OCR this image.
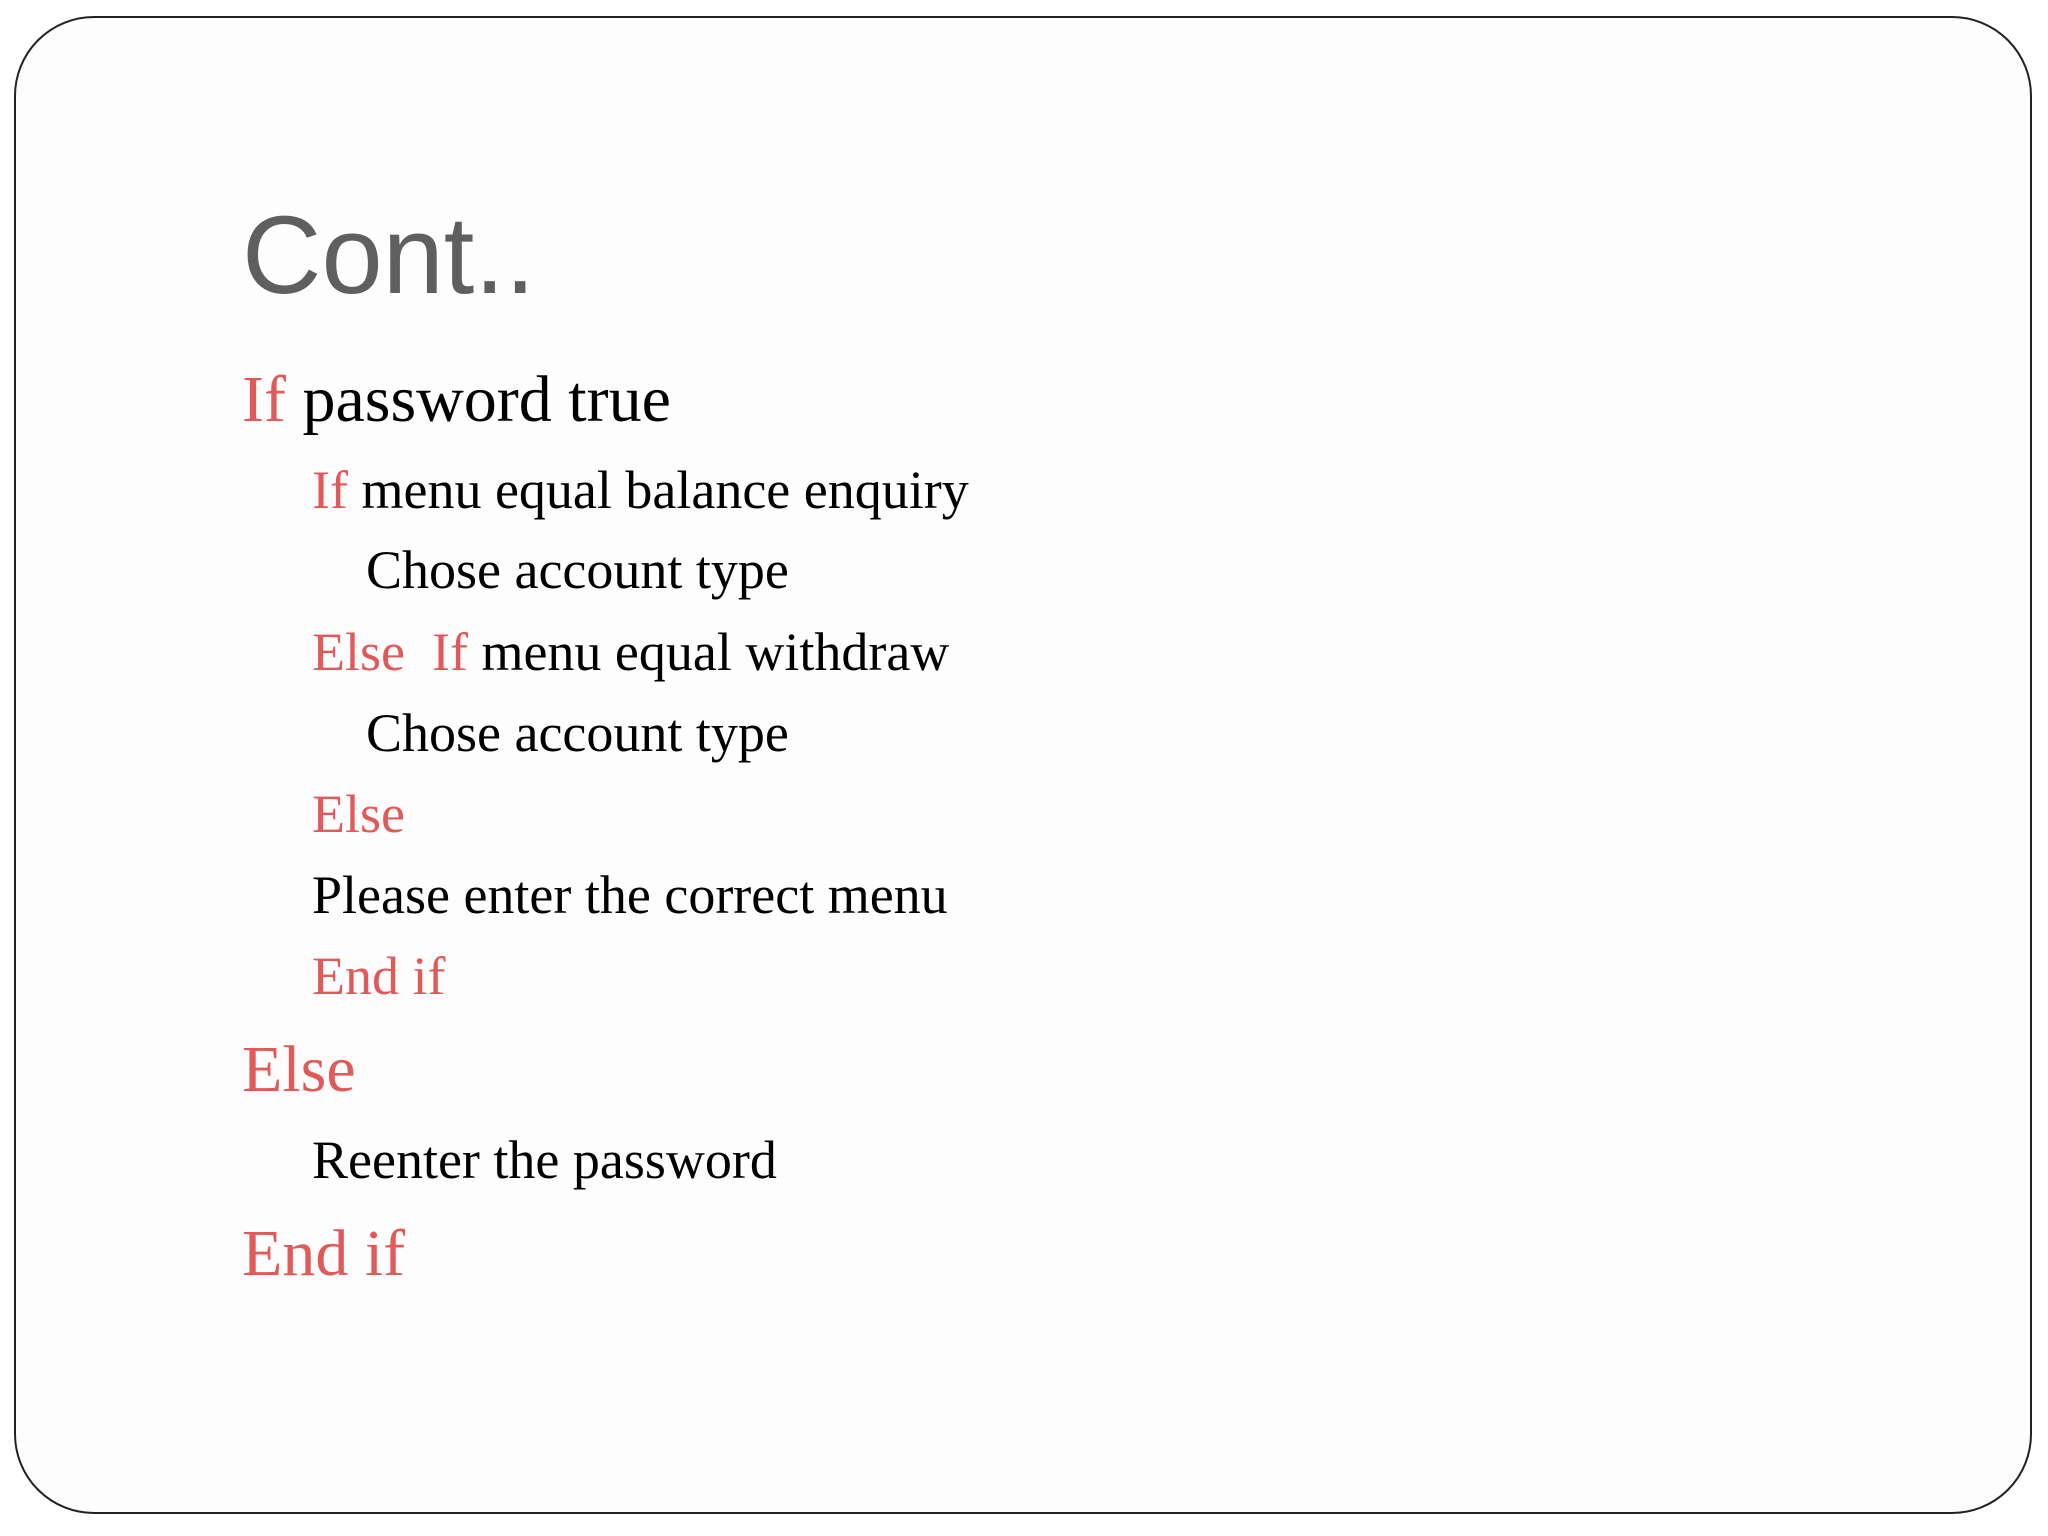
Cont..
If password true
If menu equal balance enquiry
Chose account type
Else  If menu equal withdraw
Chose account type
Else
Please enter the correct menu
End if
Else
Reenter the password
End if
